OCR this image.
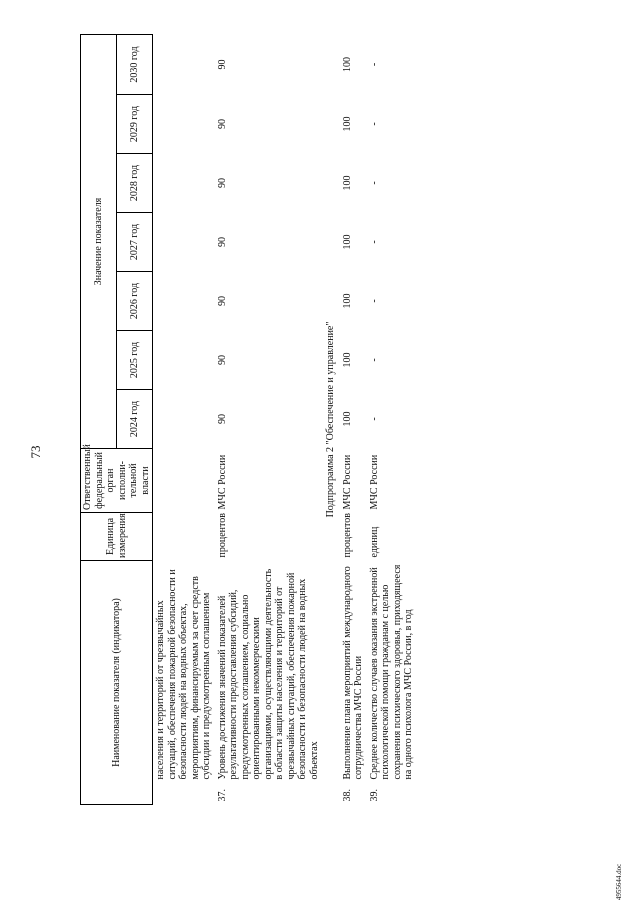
73
4955644.doc
Наименование показателя (индикатора)		Единица измерения	Ответственный федеральный орган исполни-тельной власти	Значение показателя						
				2024 год	2025 год	2026 год	2027 год	2028 год	2029 год	2030 год
	населения и территорий от чрезвычайных ситуаций, обеспечения пожарной безопасности и безопасности людей на водных объектах, мероприятиям, финансируемым за счет средств субсидии и предусмотренным соглашением									
37.	Уровень достижения значений показателей результативности предоставления субсидий, предусмотренных соглашением, социально ориентированными некоммерческими организациями, осуществляющими деятельность в области защиты населения и территорий от чрезвычайных ситуаций, обеспечения пожарной безопасности и безопасности людей на водных объектах	процентов	МЧС России	90	90	90	90	90	90	90
Подпрограмма 2 "Обеспечение и управление"										
38.	Выполнение плана мероприятий международного сотрудничества МЧС России	процентов	МЧС России	100	100	100	100	100	100	100
39.	Среднее количество случаев оказания экстренной психологической помощи гражданам с целью сохранения психического здоровья, приходящееся на одного психолога МЧС России, в год	единиц	МЧС России	-	-	-	-	-	-	-
